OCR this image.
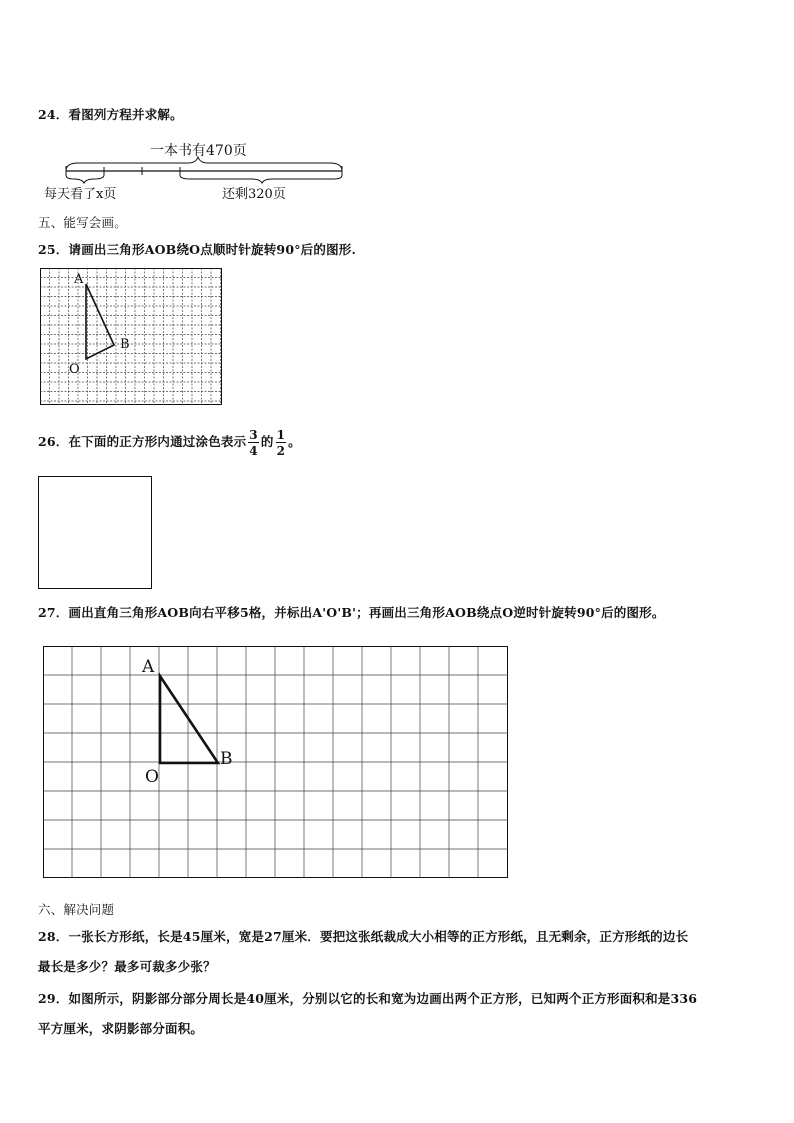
24．看图列方程并求解。
一本书有470页
每天看了x页	还剩320页
五、能写会画。
25．请画出三角形AOB绕O点顺时针旋转90°后的图形.
A
B
O
26．在下面的正方形内通过涂色表示 $\frac{3}{4}$ 的 $\frac{1}{2}$ 。
27．画出直角三角形AOB向右平移5格，并标出A'O'B'；再画出三角形AOB绕点O逆时针旋转90°后的图形。
A
B
O
六、解决问题
28．一张长方形纸，长是45厘米，宽是27厘米．要把这张纸裁成大小相等的正方形纸，且无剩余，正方形纸的边长
最长是多少？最多可裁多少张？
29．如图所示，阴影部分部分周长是40厘米，分别以它的长和宽为边画出两个正方形，已知两个正方形面积和是336
平方厘米，求阴影部分面积。
